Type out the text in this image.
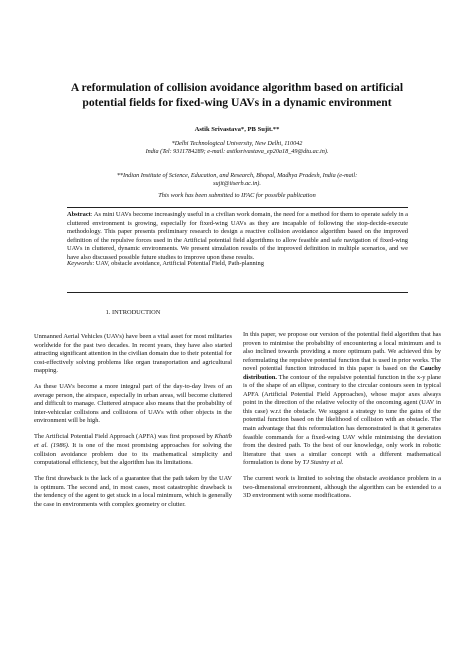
A reformulation of collision avoidance algorithm based on artificial
potential fields for fixed-wing UAVs in a dynamic environment
Astik Srivastava*, PB Sujit.**
*Delhi Technological University, New Delhi, 110042
India (Tel: 9311784289; e-mail: astiksrivastava_ep20a18_49@dtu.ac.in).
**Indian Institute of Science, Education, and Research, Bhopal, Madhya Pradesh, India (e-mail:
sujit@iiserb.ac.in).
This work has been submitted to IFAC for possible publication
Abstract: As mini UAVs become increasingly useful in a civilian work domain, the need for a method for them to operate safely in a cluttered environment is growing, especially for fixed-wing UAVs as they are incapable of following the stop-decide-execute methodology. This paper presents preliminary research to design a reactive collision avoidance algorithm based on the improved definition of the repulsive forces used in the Artificial potential field algorithms to allow feasible and safe navigation of fixed-wing UAVs in cluttered, dynamic environments. We present simulation results of the improved definition in multiple scenarios, and we have also discussed possible future studies to improve upon these results.
Keywords: UAV, obstacle avoidance, Artificial Potential Field, Path-planning
1. INTRODUCTION

Unmanned Aerial Vehicles (UAVs) have been a vital asset for most militaries worldwide for the past two decades. In recent years, they have also started attracting significant attention in the civilian domain due to their potential for cost-effectively solving problems like organ transportation and agricultural mapping.

As these UAVs become a more integral part of the day-to-day lives of an average person, the airspace, especially in urban areas, will become cluttered and difficult to manage. Cluttered airspace also means that the probability of inter-vehicular collisions and collisions of UAVs with other objects in the environment will be high.

The Artificial Potential Field Approach (APFA) was first proposed by Khatib et al. (1986). It is one of the most promising approaches for solving the collision avoidance problem due to its mathematical simplicity and computational efficiency, but the algorithm has its limitations.

The first drawback is the lack of a guarantee that the path taken by the UAV is optimum. The second and, in most cases, most catastrophic drawback is the tendency of the agent to get stuck in a local minimum, which is generally the case in environments with complex geometry or clutter.

In this paper, we propose our version of the potential field algorithm that has proven to minimise the probability of encountering a local minimum and is also inclined towards providing a more optimum path. We achieved this by reformulating the repulsive potential function that is used in prior works. The novel potential function introduced in this paper is based on the Cauchy distribution. The contour of the repulsive potential function in the x-y plane is of the shape of an ellipse, contrary to the circular contours seen in typical APFA (Artificial Potential Field Approaches), whose major axes always point in the direction of the relative velocity of the oncoming agent (UAV in this case) w.r.t the obstacle. We suggest a strategy to tune the gains of the potential function based on the likelihood of collision with an obstacle. The main advantage that this reformulation has demonstrated is that it generates feasible commands for a fixed-wing UAV while minimising the deviation from the desired path. To the best of our knowledge, only work in robotic literature that uses a similar concept with a different mathematical formulation is done by TJ Stastny et al.

The current work is limited to solving the obstacle avoidance problem in a two-dimensional environment, although the algorithm can be extended to a 3D environment with some modifications.
